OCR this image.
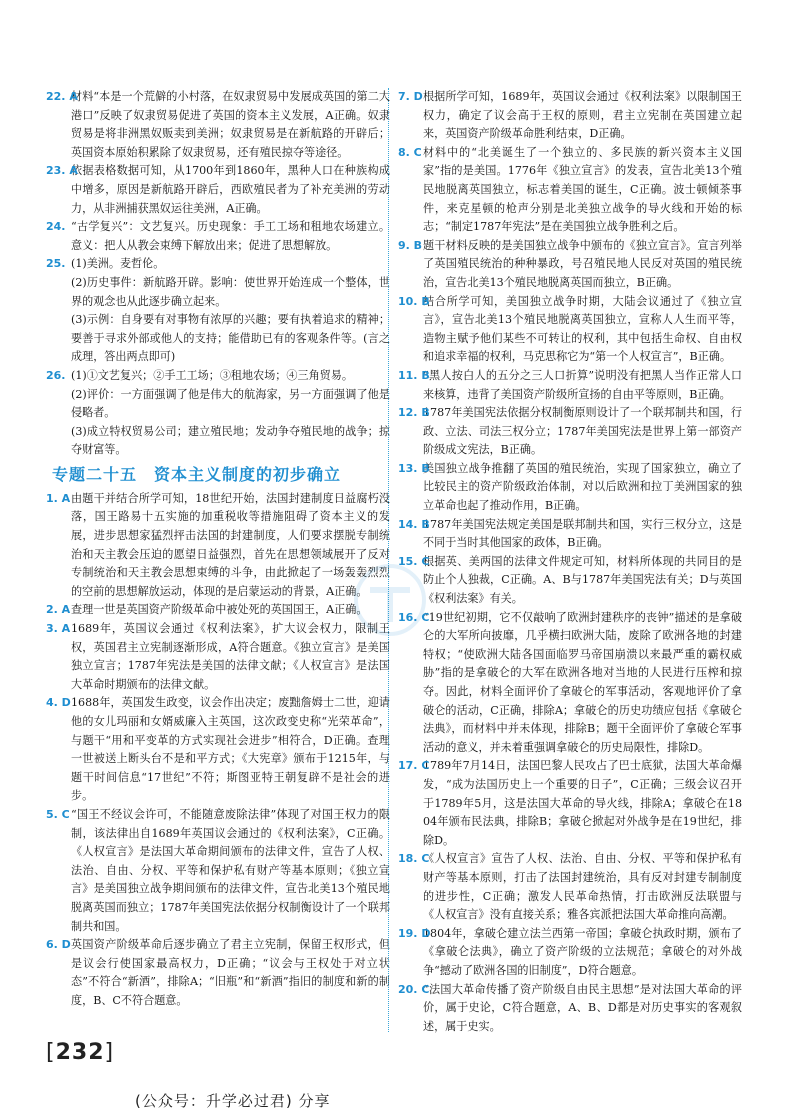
22. A
材料“本是一个荒僻的小村落，在奴隶贸易中发展成英国的第二大港口”反映了奴隶贸易促进了英国的资本主义发展，A正确。奴隶贸易是将非洲黑奴贩卖到美洲；奴隶贸易是在新航路的开辟后；英国资本原始积累除了奴隶贸易，还有殖民掠夺等途径。

23. A
依据表格数据可知，从1700年到1860年，黑种人口在种族构成中增多，原因是新航路开辟后，西欧殖民者为了补充美洲的劳动力，从非洲捕获黑奴运往美洲，A正确。

24. “古学复兴”：文艺复兴。历史现象：手工工场和租地农场建立。意义：把人从教会束缚下解放出来；促进了思想解放。

25. (1)美洲。麦哲伦。

(2)历史事件：新航路开辟。影响：使世界开始连成一个整体，世界的观念也从此逐步确立起来。

(3)示例：自身要有对事物有浓厚的兴趣；要有执着追求的精神；要善于寻求外部或他人的支持；能借助已有的客观条件等。(言之成理，答出两点即可)

26. (1)①文艺复兴；②手工工场；③租地农场；④三角贸易。

(2)评价：一方面强调了他是伟大的航海家，另一方面强调了他是侵略者。

(3)成立特权贸易公司；建立殖民地；发动争夺殖民地的战争；掠夺财富等。

专题二十五　资本主义制度的初步确立

1. A 由题干并结合所学可知，18世纪开始，法国封建制度日益腐朽没落，国王路易十五实施的加重税收等措施阻碍了资本主义的发展，进步思想家猛烈抨击法国的封建制度，人们要求摆脱专制统治和天主教会压迫的愿望日益强烈，首先在思想领域展开了反对专制统治和天主教会思想束缚的斗争，由此掀起了一场轰轰烈烈的空前的思想解放运动，体现的是启蒙运动的背景，A正确。

2. A 查理一世是英国资产阶级革命中被处死的英国国王，A正确。

3. A 1689年，英国议会通过《权利法案》，扩大议会权力，限制王权，英国君主立宪制逐渐形成，A符合题意。《独立宣言》是美国独立宣言；1787年宪法是美国的法律文献；《人权宣言》是法国大革命时期颁布的法律文献。

4. D 1688年，英国发生政变，议会作出决定；废黜詹姆士二世，迎请他的女儿玛丽和女婿威廉入主英国，这次政变史称“光荣革命”，与题干“用和平变革的方式实现社会进步”相符合，D正确。查理一世被送上断头台不是和平方式；《大宪章》颁布于1215年，与题干时间信息“17世纪”不符；斯图亚特王朝复辟不是社会的进步。

5. C “国王不经议会许可，不能随意废除法律”体现了对国王权力的限制，该法律出自1689年英国议会通过的《权利法案》，C正确。《人权宣言》是法国大革命期间颁布的法律文件，宣告了人权、法治、自由、分权、平等和保护私有财产等基本原则；《独立宣言》是美国独立战争期间颁布的法律文件，宣告北美13个殖民地脱离英国而独立；1787年美国宪法依据分权制衡设计了一个联邦制共和国。

6. D 英国资产阶级革命后逐步确立了君主立宪制，保留王权形式，但是议会行使国家最高权力，D正确；“议会与王权处于对立状态”不符合“新酒”，排除A；“旧瓶”和“新酒”指旧的制度和新的制度，B、C不符合题意。

7. D 根据所学可知，1689年，英国议会通过《权利法案》以限制国王权力，确定了议会高于王权的原则，君主立宪制在英国建立起来，英国资产阶级革命胜利结束，D正确。

8. C 材料中的“北美诞生了一个独立的、多民族的新兴资本主义国家”指的是美国。1776年《独立宣言》的发表，宣告北美13个殖民地脱离英国独立，标志着美国的诞生，C正确。波士顿倾茶事件，来克星顿的枪声分别是北美独立战争的导火线和开始的标志；“制定1787年宪法”是在美国独立战争胜利之后。

9. B 题干材料反映的是美国独立战争中颁布的《独立宣言》。宣言列举了英国殖民统治的种种暴政，号召殖民地人民反对英国的殖民统治，宣告北美13个殖民地脱离英国而独立，B正确。

10. B
结合所学可知，美国独立战争时期，大陆会议通过了《独立宣言》，宣告北美13个殖民地脱离英国独立，宣称人人生而平等，造物主赋予他们某些不可转让的权利，其中包括生命权、自由权和追求幸福的权利，马克思称它为“第一个人权宣言”，B正确。

11. B
“黑人按白人的五分之三人口折算”说明没有把黑人当作正常人口来核算，违背了美国资产阶级所宣扬的自由平等原则，B正确。

12. B
1787年美国宪法依据分权制衡原则设计了一个联邦制共和国，行政、立法、司法三权分立；1787年美国宪法是世界上第一部资产阶级成文宪法，B正确。

13. B
美国独立战争推翻了英国的殖民统治，实现了国家独立，确立了比较民主的资产阶级政治体制，对以后欧洲和拉丁美洲国家的独立革命也起了推动作用，B正确。

14. B
1787年美国宪法规定美国是联邦制共和国，实行三权分立，这是不同于当时其他国家的政体，B正确。

15. C
根据英、美两国的法律文件规定可知，材料所体现的共同目的是防止个人独裁，C正确。A、B与1787年美国宪法有关；D与英国《权利法案》有关。

16. C
“19世纪初期，它不仅敲响了欧洲封建秩序的丧钟”描述的是拿破仑的大军所向披靡，几乎横扫欧洲大陆，废除了欧洲各地的封建特权；“使欧洲大陆各国面临罗马帝国崩溃以来最严重的霸权威胁”指的是拿破仑的大军在欧洲各地对当地的人民进行压榨和掠夺。因此，材料全面评价了拿破仑的军事活动，客观地评价了拿破仑的活动，C正确，排除A；拿破仑的历史功绩应包括《拿破仑法典》，而材料中并未体现，排除B；题干全面评价了拿破仑军事活动的意义，并未着重强调拿破仑的历史局限性，排除D。

17. C
1789年7月14日，法国巴黎人民攻占了巴士底狱，法国大革命爆发，“成为法国历史上一个重要的日子”，C正确；三级会议召开于1789年5月，这是法国大革命的导火线，排除A；拿破仑在1804年颁布民法典，排除B；拿破仑掀起对外战争是在19世纪，排除D。

18. C
《人权宣言》宣告了人权、法治、自由、分权、平等和保护私有财产等基本原则，打击了法国封建统治，具有反对封建专制制度的进步性，C正确；激发人民革命热情，打击欧洲反法联盟与《人权宣言》没有直接关系；雅各宾派把法国大革命推向高潮。

19. D
1804年，拿破仑建立法兰西第一帝国；拿破仑执政时期，颁布了《拿破仑法典》，确立了资产阶级的立法规范；拿破仑的对外战争“撼动了欧洲各国的旧制度”，D符合题意。

20. C
“法国大革命传播了资产阶级自由民主思想”是对法国大革命的评价，属于史论，C符合题意，A、B、D都是对历史事实的客观叙述，属于史实。

[232]
(公众号：升学必过君) 分享
